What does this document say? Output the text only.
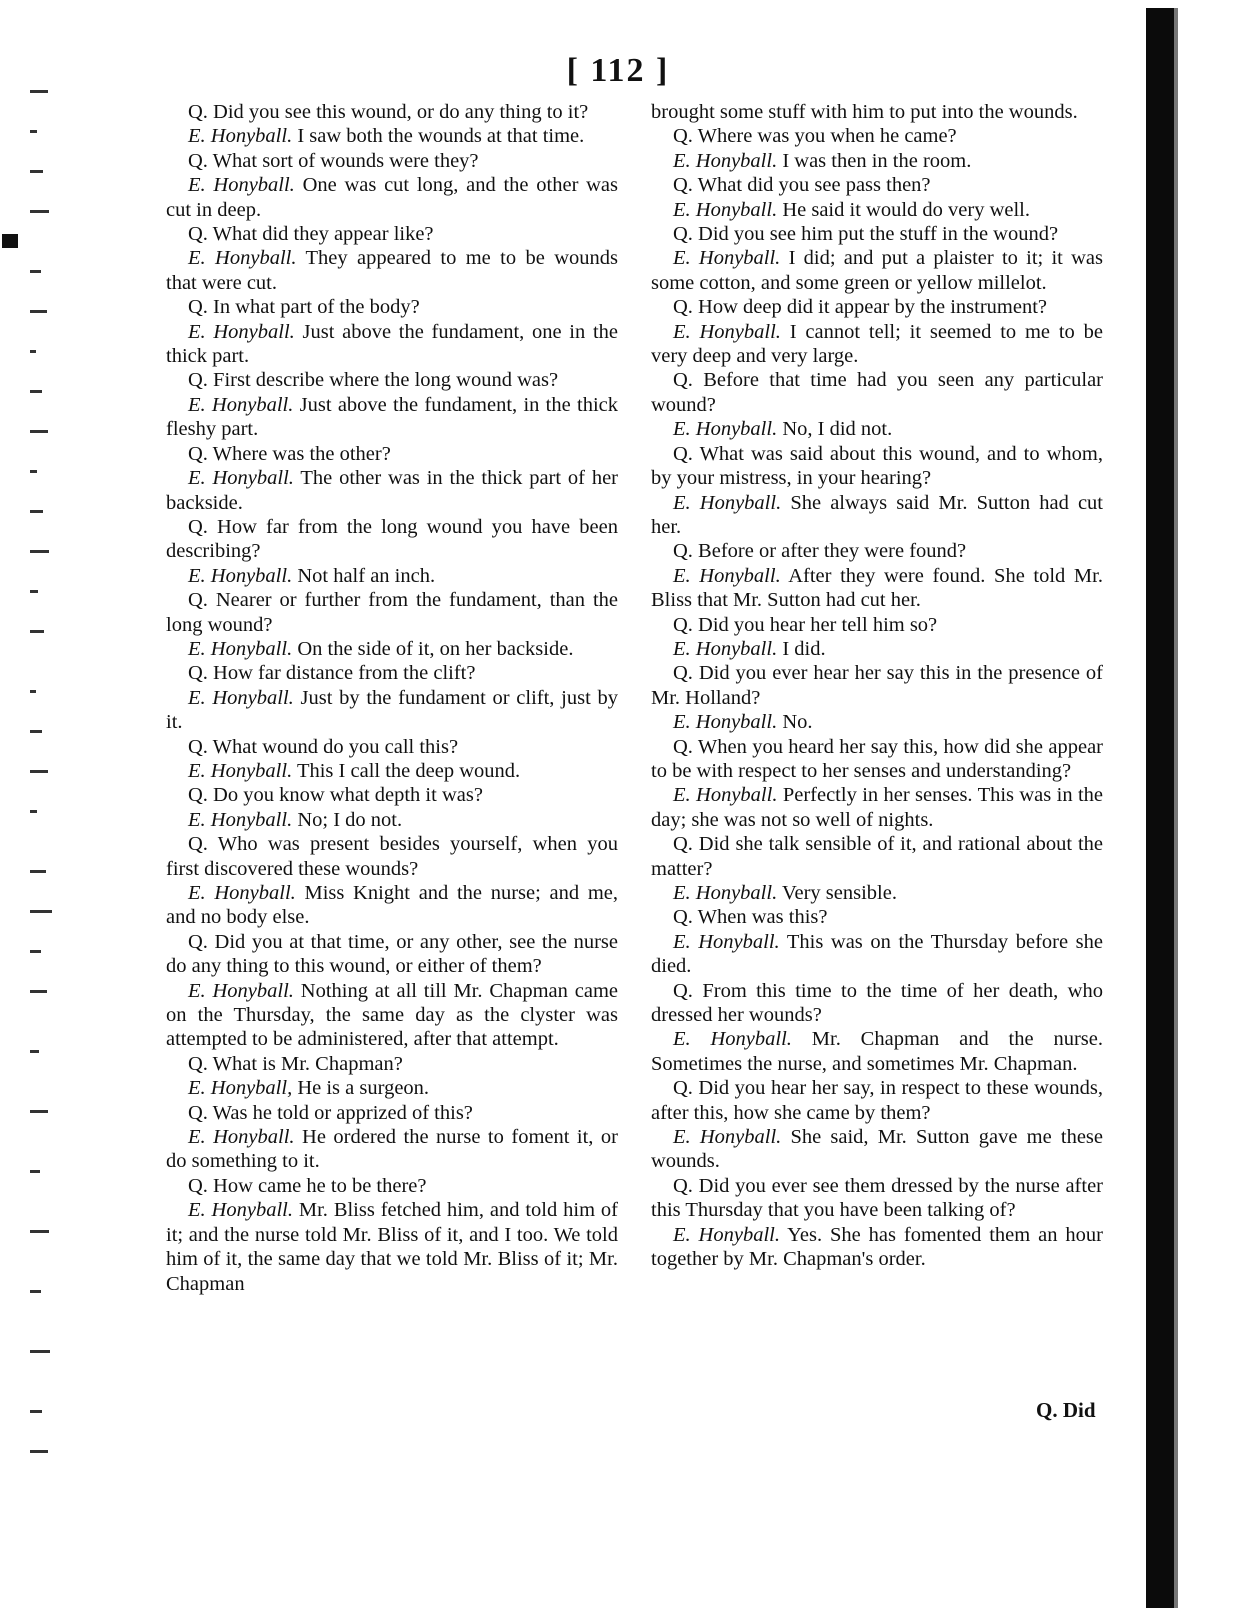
[ 112 ]

Q. Did you see this wound, or do any thing to it?

E. Honyball. I saw both the wounds at that time.

Q. What sort of wounds were they?

E. Honyball. One was cut long, and the other was cut in deep.

Q. What did they appear like?

E. Honyball. They appeared to me to be wounds that were cut.

Q. In what part of the body?

E. Honyball. Just above the fundament, one in the thick part.

Q. First describe where the long wound was?

E. Honyball. Just above the fundament, in the thick fleshy part.

Q. Where was the other?

E. Honyball. The other was in the thick part of her backside.

Q. How far from the long wound you have been describing?

E. Honyball. Not half an inch.

Q. Nearer or further from the fundament, than the long wound?

E. Honyball. On the side of it, on her backside.

Q. How far distance from the clift?

E. Honyball. Just by the fundament or clift, just by it.

Q. What wound do you call this?

E. Honyball. This I call the deep wound.

Q. Do you know what depth it was?

E. Honyball. No; I do not.

Q. Who was present besides yourself, when you first discovered these wounds?

E. Honyball. Miss Knight and the nurse; and me, and no body else.

Q. Did you at that time, or any other, see the nurse do any thing to this wound, or either of them?

E. Honyball. Nothing at all till Mr. Chapman came on the Thursday, the same day as the clyster was attempted to be administered, after that attempt.

Q. What is Mr. Chapman?

E. Honyball, He is a surgeon.

Q. Was he told or apprized of this?

E. Honyball. He ordered the nurse to foment it, or do something to it.

Q. How came he to be there?

E. Honyball. Mr. Bliss fetched him, and told him of it; and the nurse told Mr. Bliss of it, and I too. We told him of it, the same day that we told Mr. Bliss of it; Mr. Chapman

brought some stuff with him to put into the wounds.

Q. Where was you when he came?

E. Honyball. I was then in the room.

Q. What did you see pass then?

E. Honyball. He said it would do very well.

Q. Did you see him put the stuff in the wound?

E. Honyball. I did; and put a plaister to it; it was some cotton, and some green or yellow millelot.

Q. How deep did it appear by the instrument?

E. Honyball. I cannot tell; it seemed to me to be very deep and very large.

Q. Before that time had you seen any particular wound?

E. Honyball. No, I did not.

Q. What was said about this wound, and to whom, by your mistress, in your hearing?

E. Honyball. She always said Mr. Sutton had cut her.

Q. Before or after they were found?

E. Honyball. After they were found. She told Mr. Bliss that Mr. Sutton had cut her.

Q. Did you hear her tell him so?

E. Honyball. I did.

Q. Did you ever hear her say this in the presence of Mr. Holland?

E. Honyball. No.

Q. When you heard her say this, how did she appear to be with respect to her senses and understanding?

E. Honyball. Perfectly in her senses. This was in the day; she was not so well of nights.

Q. Did she talk sensible of it, and rational about the matter?

E. Honyball. Very sensible.

Q. When was this?

E. Honyball. This was on the Thursday before she died.

Q. From this time to the time of her death, who dressed her wounds?

E. Honyball. Mr. Chapman and the nurse. Sometimes the nurse, and sometimes Mr. Chapman.

Q. Did you hear her say, in respect to these wounds, after this, how she came by them?

E. Honyball. She said, Mr. Sutton gave me these wounds.

Q. Did you ever see them dressed by the nurse after this Thursday that you have been talking of?

E. Honyball. Yes. She has fomented them an hour together by Mr. Chapman's order.

Q. Did
